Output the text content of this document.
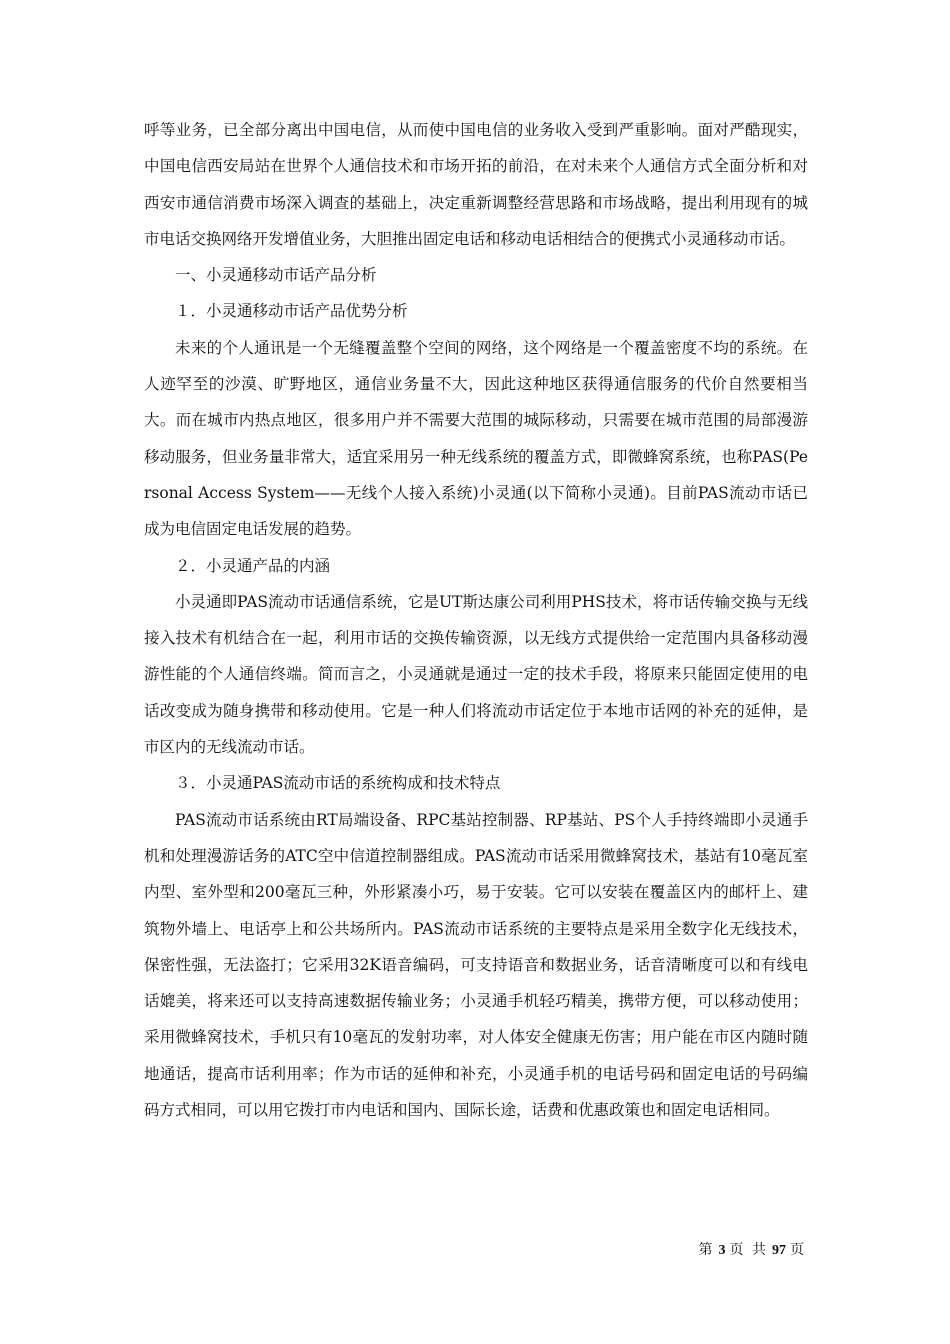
呼等业务，已全部分离出中国电信，从而使中国电信的业务收入受到严重影响。面对严酷现实，中国电信西安局站在世界个人通信技术和市场开拓的前沿，在对未来个人通信方式全面分析和对西安市通信消费市场深入调查的基础上，决定重新调整经营思路和市场战略，提出利用现有的城市电话交换网络开发增值业务，大胆推出固定电话和移动电话相结合的便携式小灵通移动市话。

一、小灵通移动市话产品分析

１．小灵通移动市话产品优势分析

未来的个人通讯是一个无缝覆盖整个空间的网络，这个网络是一个覆盖密度不均的系统。在人迹罕至的沙漠、旷野地区，通信业务量不大，因此这种地区获得通信服务的代价自然要相当大。而在城市内热点地区，很多用户并不需要大范围的城际移动，只需要在城市范围的局部漫游移动服务，但业务量非常大，适宜采用另一种无线系统的覆盖方式，即微蜂窝系统，也称PAS(Personal Access System——无线个人接入系统)小灵通(以下简称小灵通)。目前PAS流动市话已成为电信固定电话发展的趋势。

２．小灵通产品的内涵

小灵通即PAS流动市话通信系统，它是UT斯达康公司利用PHS技术，将市话传输交换与无线接入技术有机结合在一起，利用市话的交换传输资源，以无线方式提供给一定范围内具备移动漫游性能的个人通信终端。简而言之，小灵通就是通过一定的技术手段，将原来只能固定使用的电话改变成为随身携带和移动使用。它是一种人们将流动市话定位于本地市话网的补充的延伸，是市区内的无线流动市话。

３．小灵通PAS流动市话的系统构成和技术特点

PAS流动市话系统由RT局端设备、RPC基站控制器、RP基站、PS个人手持终端即小灵通手机和处理漫游话务的ATC空中信道控制器组成。PAS流动市话采用微蜂窝技术，基站有10毫瓦室内型、室外型和200毫瓦三种，外形紧凑小巧，易于安装。它可以安装在覆盖区内的邮杆上、建筑物外墙上、电话亭上和公共场所内。PAS流动市话系统的主要特点是采用全数字化无线技术，保密性强，无法盗打；它采用32K语音编码，可支持语音和数据业务，话音清晰度可以和有线电话媲美，将来还可以支持高速数据传输业务；小灵通手机轻巧精美，携带方便，可以移动使用；采用微蜂窝技术，手机只有10毫瓦的发射功率，对人体安全健康无伤害；用户能在市区内随时随地通话，提高市话利用率；作为市话的延伸和补充，小灵通手机的电话号码和固定电话的号码编码方式相同，可以用它拨打市内电话和国内、国际长途，话费和优惠政策也和固定电话相同。

第 3 页 共 97 页
